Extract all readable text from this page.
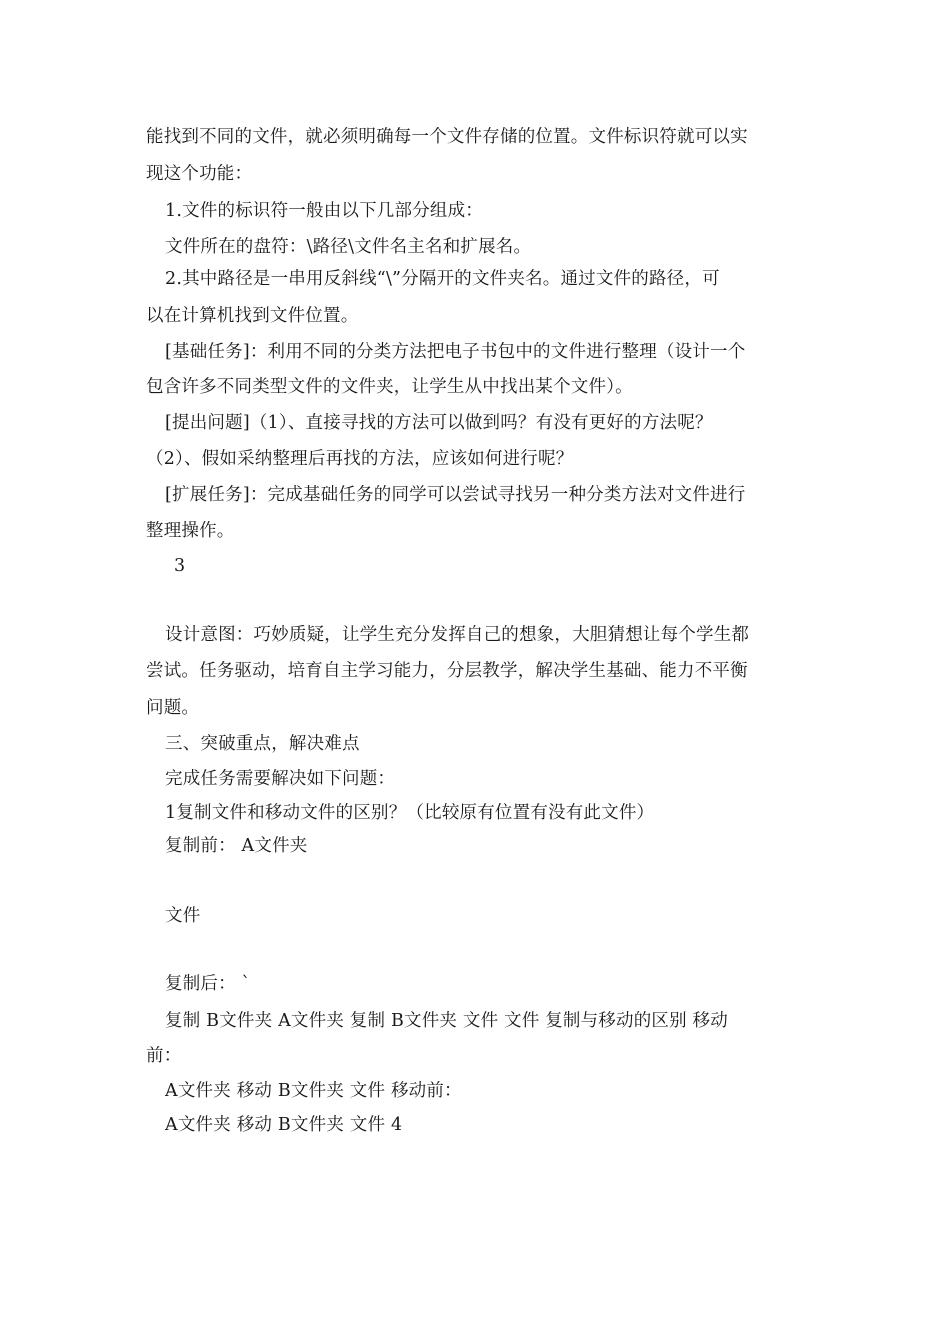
能找到不同的文件，就必须明确每一个文件存储的位置。文件标识符就可以实
现这个功能：
1.文件的标识符一般由以下几部分组成：
文件所在的盘符：\路径\文件名主名和扩展名。
2.其中路径是一串用反斜线“\”分隔开的文件夹名。通过文件的路径，可
以在计算机找到文件位置。
[基础任务]：利用不同的分类方法把电子书包中的文件进行整理（设计一个
包含许多不同类型文件的文件夹，让学生从中找出某个文件）。
[提出问题]（1）、直接寻找的方法可以做到吗？有没有更好的方法呢？
（2）、假如采纳整理后再找的方法，应该如何进行呢？
[扩展任务]：完成基础任务的同学可以尝试寻找另一种分类方法对文件进行
整理操作。
3
设计意图：巧妙质疑，让学生充分发挥自己的想象，大胆猜想让每个学生都
尝试。任务驱动，培育自主学习能力，分层教学，解决学生基础、能力不平衡
问题。
三、突破重点，解决难点
完成任务需要解决如下问题：
1复制文件和移动文件的区别？（比较原有位置有没有此文件）
复制前： A文件夹
文件
复制后： `
复制 B文件夹 A文件夹 复制 B文件夹 文件 文件 复制与移动的区别 移动
前：
A文件夹 移动 B文件夹 文件 移动前：
A文件夹 移动 B文件夹 文件 4
